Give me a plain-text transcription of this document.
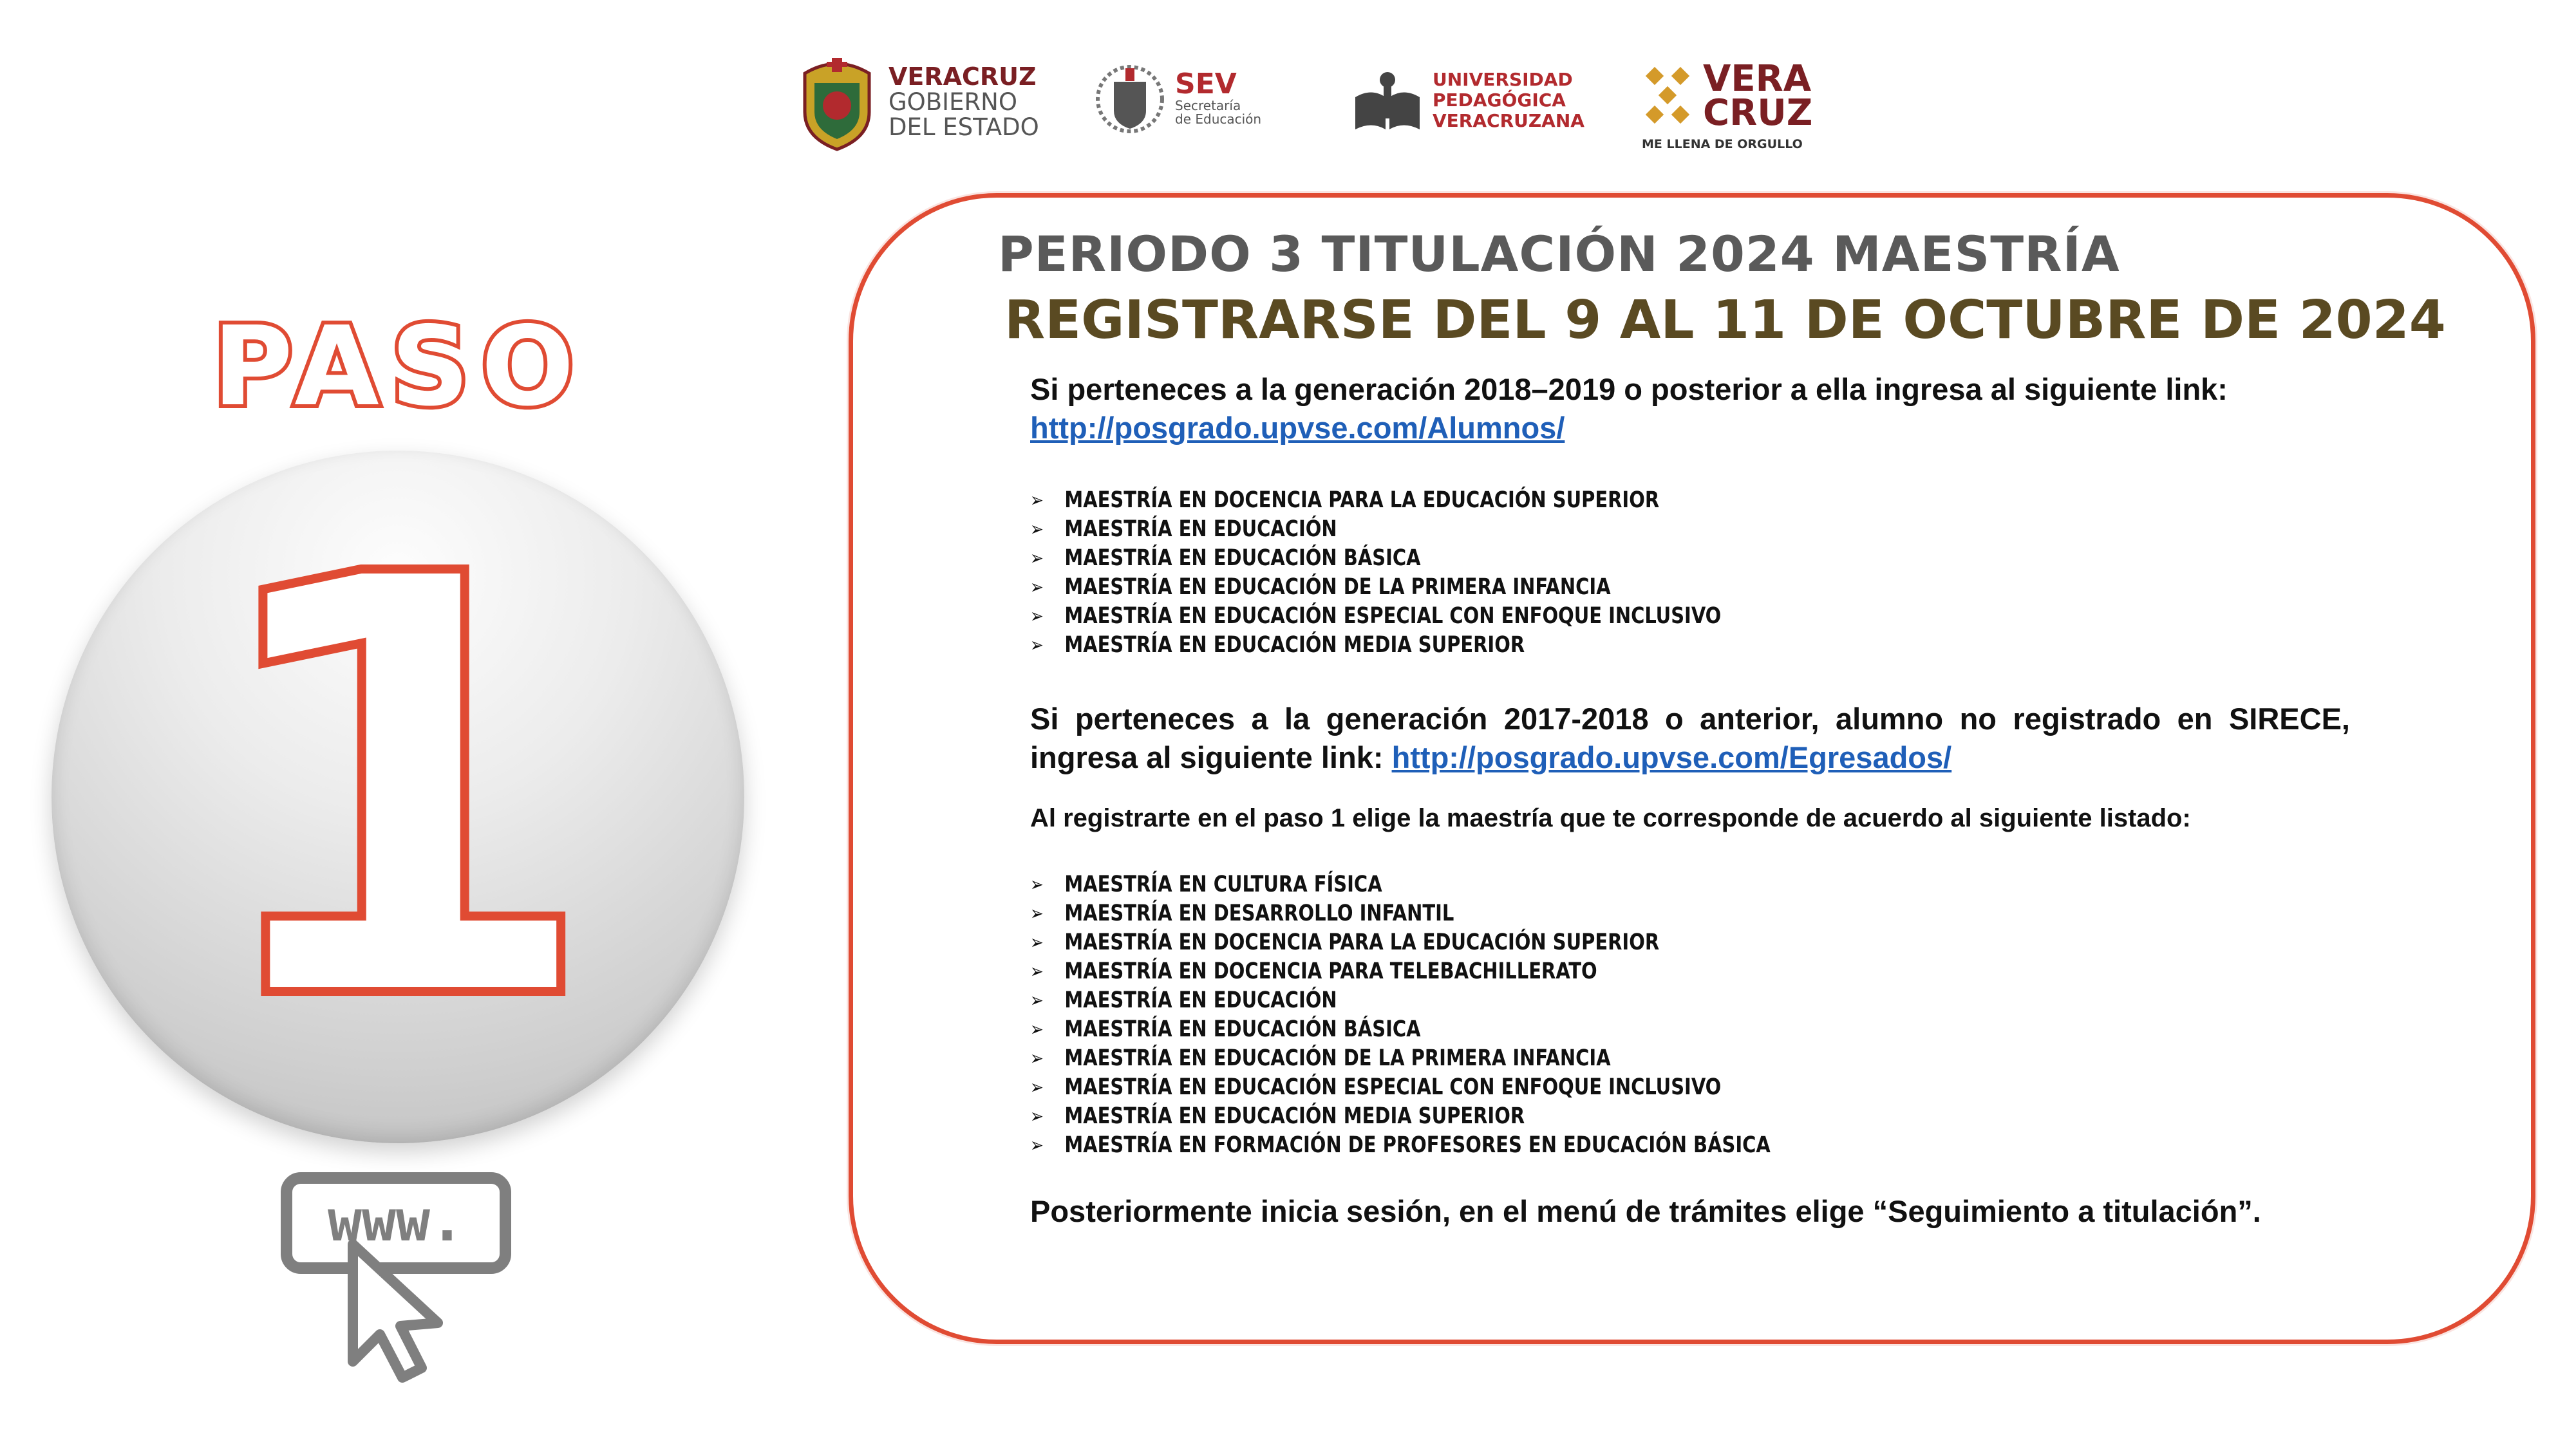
VERACRUZ
GOBIERNO
DEL ESTADO
SEV
Secretaría
de Educación
UNIVERSIDAD
PEDAGÓGICA
VERACRUZANA
VERA
CRUZ
ME LLENA DE ORGULLO
PASO
1
www.
PERIODO 3 TITULACIÓN 2024 MAESTRÍA
REGISTRARSE DEL 9 AL 11 DE OCTUBRE DE 2024

Si perteneces a la generación 2018–2019 o posterior a ella ingresa al siguiente link:
http://posgrado.upvse.com/Alumnos/

➢ MAESTRÍA EN DOCENCIA PARA LA EDUCACIÓN SUPERIOR
➢ MAESTRÍA EN EDUCACIÓN
➢ MAESTRÍA EN EDUCACIÓN BÁSICA
➢ MAESTRÍA EN EDUCACIÓN DE LA PRIMERA INFANCIA
➢ MAESTRÍA EN EDUCACIÓN ESPECIAL CON ENFOQUE INCLUSIVO
➢ MAESTRÍA EN EDUCACIÓN MEDIA SUPERIOR

Si perteneces a la generación 2017-2018 o anterior, alumno no registrado en SIRECE, ingresa al siguiente link: http://posgrado.upvse.com/Egresados/

Al registrarte en el paso 1 elige la maestría que te corresponde de acuerdo al siguiente listado:

➢ MAESTRÍA EN CULTURA FÍSICA
➢ MAESTRÍA EN DESARROLLO INFANTIL
➢ MAESTRÍA EN DOCENCIA PARA LA EDUCACIÓN SUPERIOR
➢ MAESTRÍA EN DOCENCIA PARA TELEBACHILLERATO
➢ MAESTRÍA EN EDUCACIÓN
➢ MAESTRÍA EN EDUCACIÓN BÁSICA
➢ MAESTRÍA EN EDUCACIÓN DE LA PRIMERA INFANCIA
➢ MAESTRÍA EN EDUCACIÓN ESPECIAL CON ENFOQUE INCLUSIVO
➢ MAESTRÍA EN EDUCACIÓN MEDIA SUPERIOR
➢ MAESTRÍA EN FORMACIÓN DE PROFESORES EN EDUCACIÓN BÁSICA

Posteriormente inicia sesión, en el menú de trámites elige “Seguimiento a titulación”.
